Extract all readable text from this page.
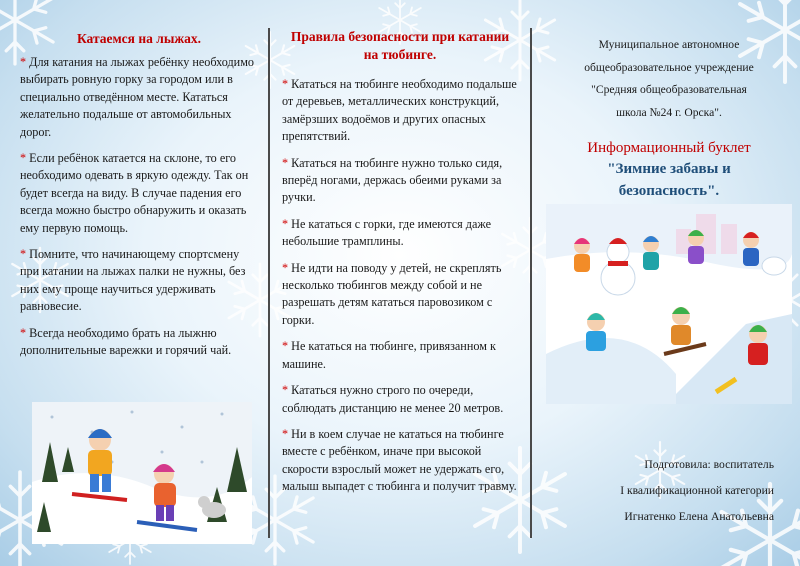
Катаемся на лыжах.

* Для катания на лыжах ребёнку необходимо выбирать ровную горку за городом или в специально отведённом месте. Кататься желательно подальше от автомобильных дорог.

* Если ребёнок катается на склоне, то его необходимо одевать в яркую одежду. Так он будет всегда на виду. В случае падения его всегда можно быстро обнаружить и оказать ему первую помощь.

* Помните, что начинающему спортсмену при катании на лыжах палки не нужны, без них ему проще научиться удерживать равновесие.

* Всегда необходимо брать на лыжню дополнительные варежки и горячий чай.

Правила безопасности при катании на тюбинге.

* Кататься на тюбинге необходимо подальше от деревьев, металлических конструкций, замёрзших водоёмов и других опасных препятствий.

* Кататься на тюбинге нужно только сидя, вперёд ногами, держась обеими руками за ручки.

* Не кататься с горки, где имеются даже небольшие трамплины.

* Не идти на поводу у детей, не скреплять несколько тюбингов между собой и не разрешать детям кататься паровозиком с горки.

* Не кататься на тюбинге, привязанном к машине.

* Кататься нужно строго по очереди, соблюдать дистанцию не менее 20 метров.

* Ни в коем случае не кататься на тюбинге вместе с ребёнком, иначе при высокой скорости взрослый может не удержать его, малыш выпадет с тюбинга и получит травму.

Муниципальное автономное
общеобразовательное учреждение
"Средняя общеобразовательная
школа №24 г. Орска".
Информационный буклет
"Зимние забавы и безопасность".
Подготовила: воспитатель
I квалификационной категории
Игнатенко Елена Анатольевна
